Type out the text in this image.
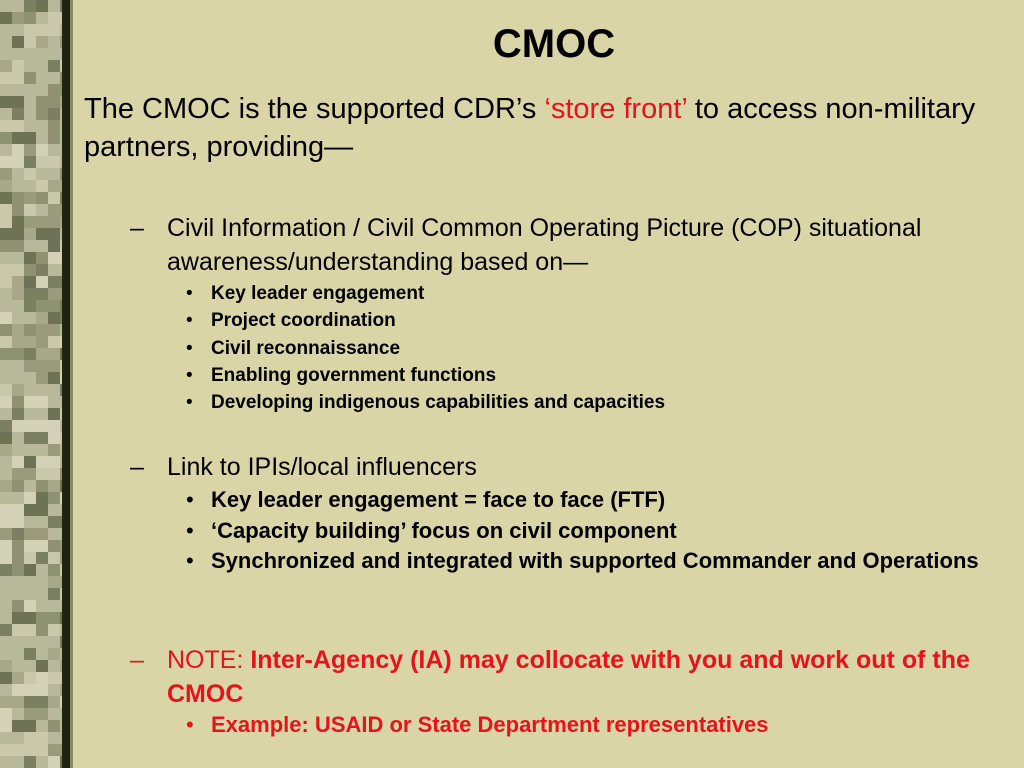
CMOC
The CMOC is the supported CDR’s ‘store front’ to access non-military partners, providing—
– Civil Information / Civil Common Operating Picture (COP) situational awareness/understanding based on—
• Key leader engagement
• Project coordination
• Civil reconnaissance
• Enabling government functions
• Developing indigenous capabilities and capacities
– Link to IPIs/local influencers
• Key leader engagement = face to face (FTF)
• ‘Capacity building’ focus on civil component
• Synchronized and integrated with supported Commander and Operations
– NOTE: Inter-Agency (IA) may collocate with you and work out of the CMOC
• Example: USAID or State Department representatives
